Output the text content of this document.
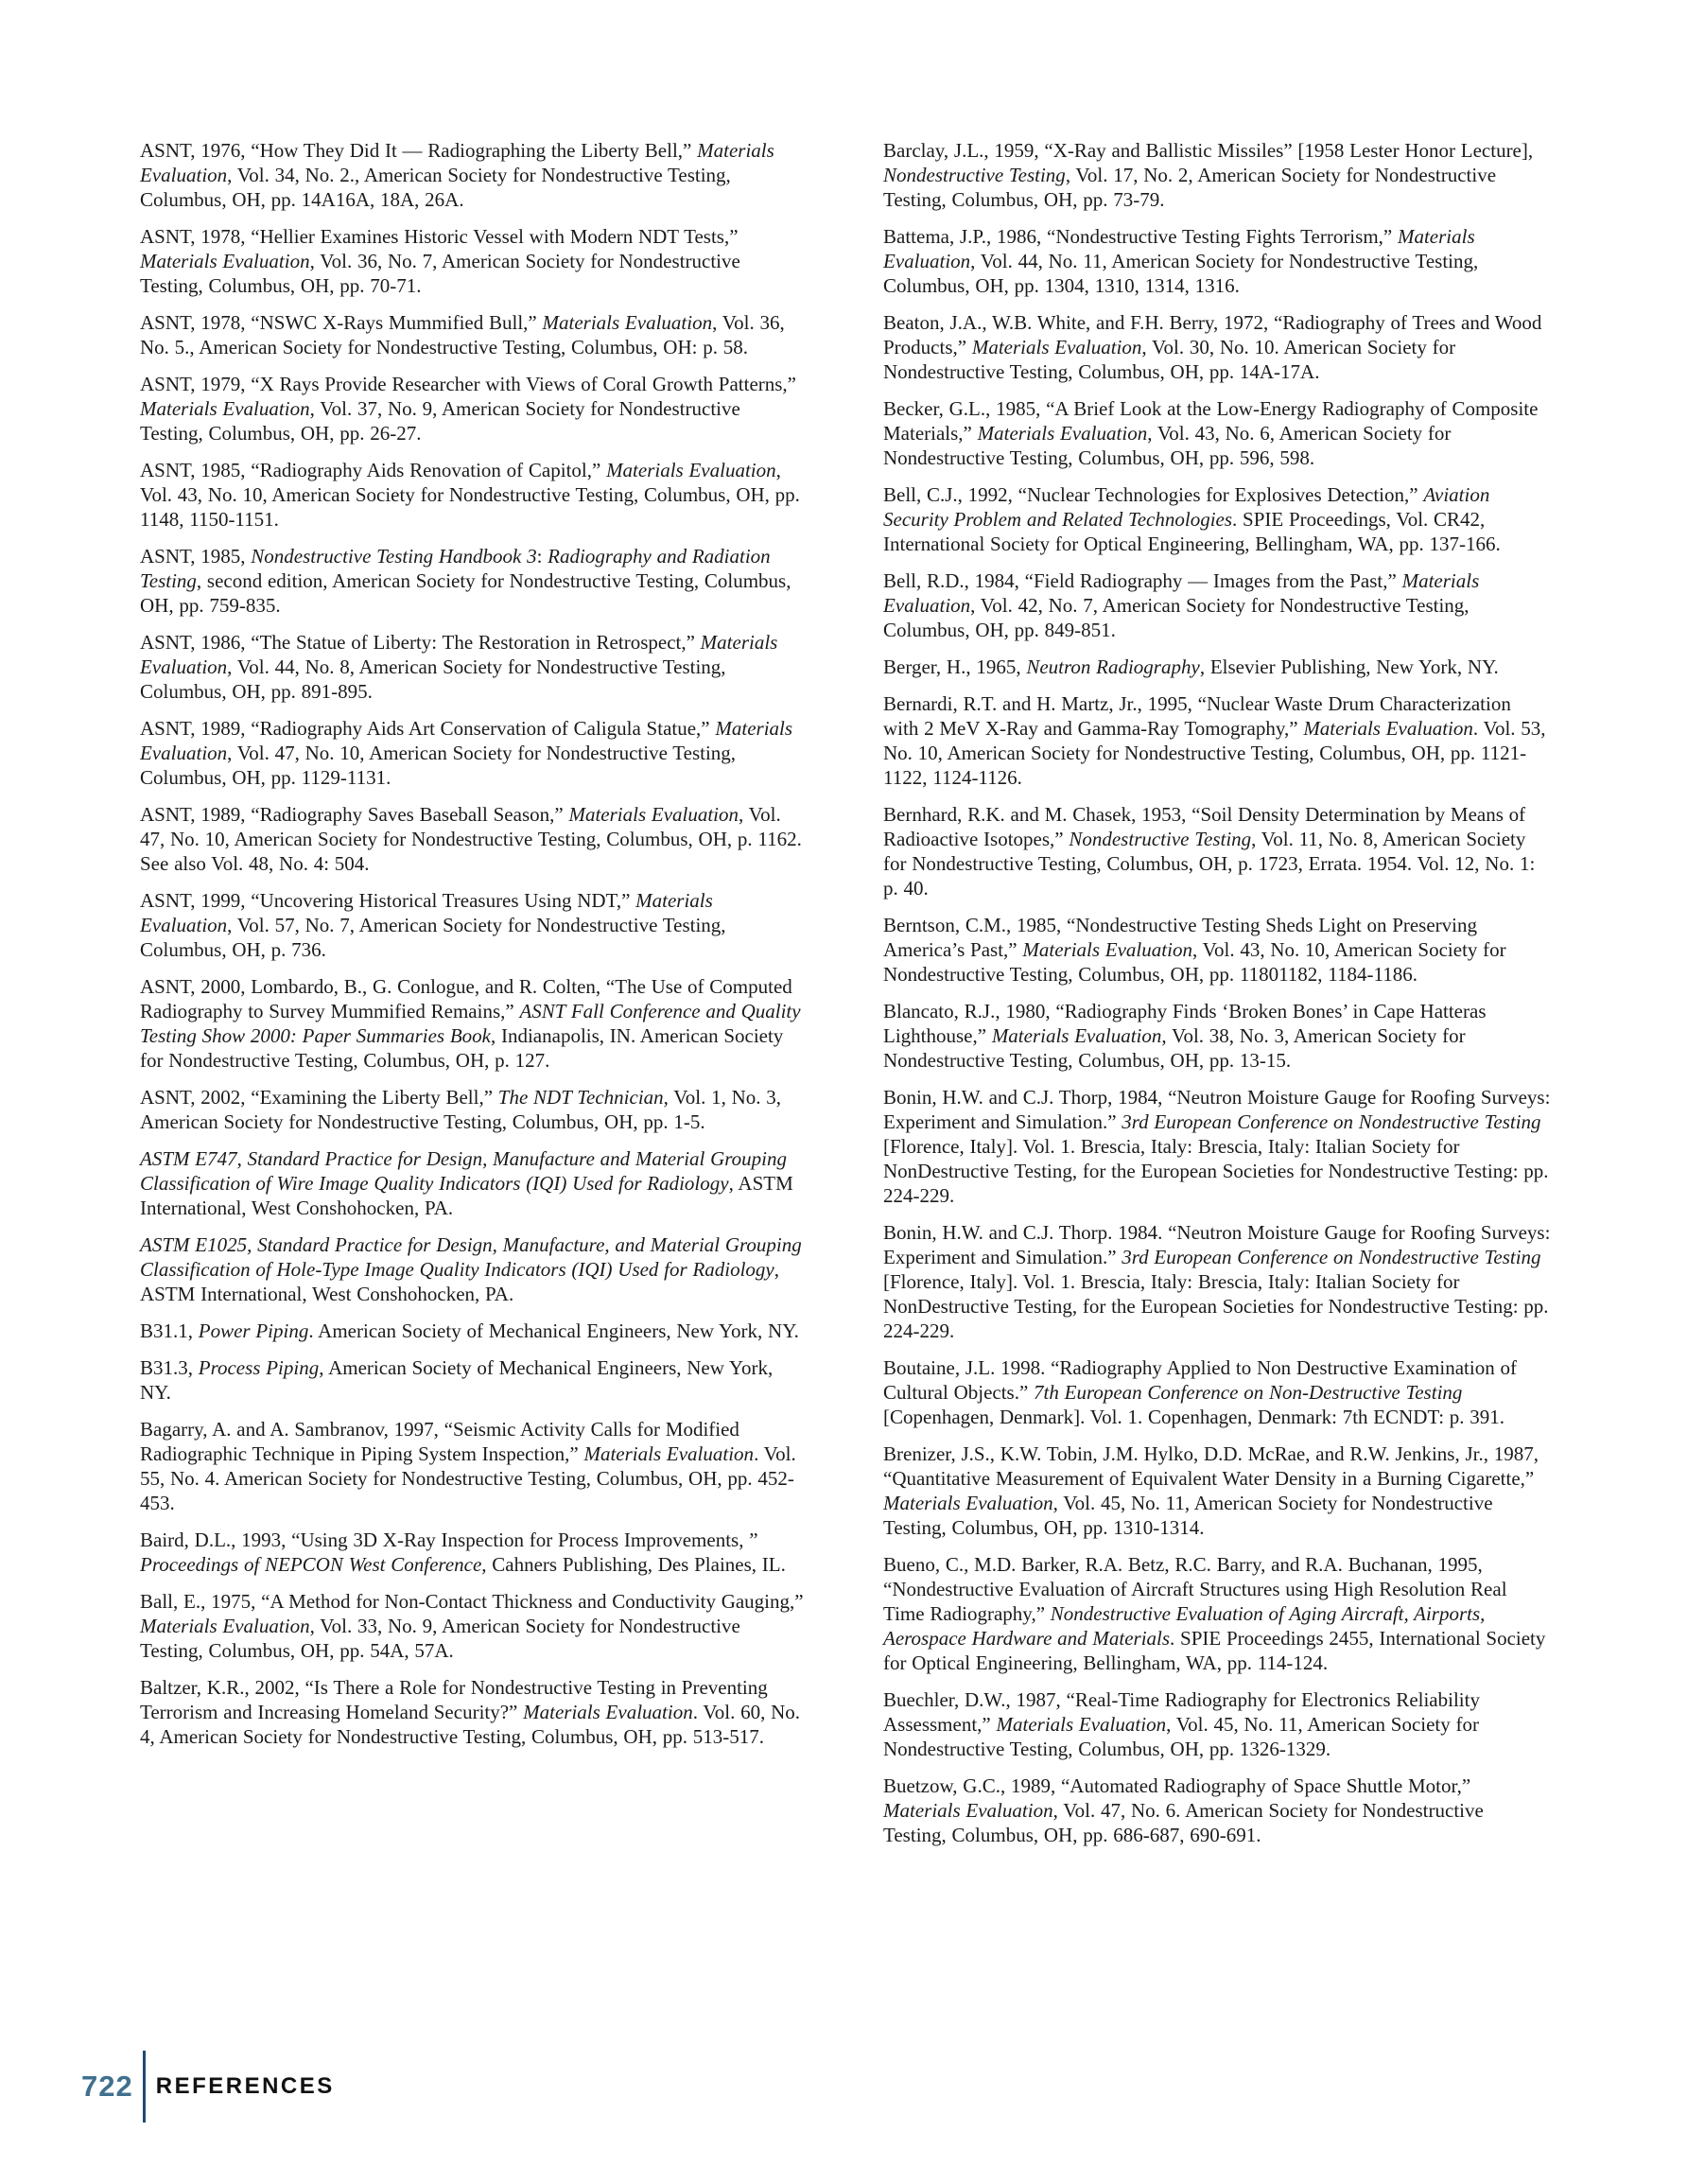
ASNT, 1976, “How They Did It — Radiographing the Liberty Bell,” Materials Evaluation, Vol. 34, No. 2., American Society for Nondestructive Testing, Columbus, OH, pp. 14A16A, 18A, 26A.

ASNT, 1978, “Hellier Examines Historic Vessel with Modern NDT Tests,” Materials Evaluation, Vol. 36, No. 7, American Society for Nondestructive Testing, Columbus, OH, pp. 70-71.

ASNT, 1978, “NSWC X-Rays Mummified Bull,” Materials Evaluation, Vol. 36, No. 5., American Society for Nondestructive Testing, Columbus, OH: p. 58.

ASNT, 1979, “X Rays Provide Researcher with Views of Coral Growth Patterns,” Materials Evaluation, Vol. 37, No. 9, American Society for Nondestructive Testing, Columbus, OH, pp. 26-27.

ASNT, 1985, “Radiography Aids Renovation of Capitol,” Materials Evaluation, Vol. 43, No. 10, American Society for Nondestructive Testing, Columbus, OH, pp. 1148, 1150-1151.

ASNT, 1985, Nondestructive Testing Handbook 3: Radiography and Radiation Testing, second edition, American Society for Nondestructive Testing, Columbus, OH, pp. 759-835.

ASNT, 1986, “The Statue of Liberty: The Restoration in Retrospect,” Materials Evaluation, Vol. 44, No. 8, American Society for Nondestructive Testing, Columbus, OH, pp. 891-895.

ASNT, 1989, “Radiography Aids Art Conservation of Caligula Statue,” Materials Evaluation, Vol. 47, No. 10, American Society for Nondestructive Testing, Columbus, OH, pp. 1129-1131.

ASNT, 1989, “Radiography Saves Baseball Season,” Materials Evaluation, Vol. 47, No. 10, American Society for Nondestructive Testing, Columbus, OH, p. 1162. See also Vol. 48, No. 4: 504.

ASNT, 1999, “Uncovering Historical Treasures Using NDT,” Materials Evaluation, Vol. 57, No. 7, American Society for Nondestructive Testing, Columbus, OH, p. 736.

ASNT, 2000, Lombardo, B., G. Conlogue, and R. Colten, “The Use of Computed Radiography to Survey Mummified Remains,” ASNT Fall Conference and Quality Testing Show 2000: Paper Summaries Book, Indianapolis, IN. American Society for Nondestructive Testing, Columbus, OH, p. 127.

ASNT, 2002, “Examining the Liberty Bell,” The NDT Technician, Vol. 1, No. 3, American Society for Nondestructive Testing, Columbus, OH, pp. 1-5.

ASTM E747, Standard Practice for Design, Manufacture and Material Grouping Classification of Wire Image Quality Indicators (IQI) Used for Radiology, ASTM International, West Conshohocken, PA.

ASTM E1025, Standard Practice for Design, Manufacture, and Material Grouping Classification of Hole-Type Image Quality Indicators (IQI) Used for Radiology, ASTM International, West Conshohocken, PA.

B31.1, Power Piping. American Society of Mechanical Engineers, New York, NY.

B31.3, Process Piping, American Society of Mechanical Engineers, New York, NY.

Bagarry, A. and A. Sambranov, 1997, “Seismic Activity Calls for Modified Radiographic Technique in Piping System Inspection,” Materials Evaluation. Vol. 55, No. 4. American Society for Nondestructive Testing, Columbus, OH, pp. 452-453.

Baird, D.L., 1993, “Using 3D X-Ray Inspection for Process Improvements, ” Proceedings of NEPCON West Conference, Cahners Publishing, Des Plaines, IL.

Ball, E., 1975, “A Method for Non-Contact Thickness and Conductivity Gauging,” Materials Evaluation, Vol. 33, No. 9, American Society for Nondestructive Testing, Columbus, OH, pp. 54A, 57A.

Baltzer, K.R., 2002, “Is There a Role for Nondestructive Testing in Preventing Terrorism and Increasing Homeland Security?” Materials Evaluation. Vol. 60, No. 4, American Society for Nondestructive Testing, Columbus, OH, pp. 513-517.

Barclay, J.L., 1959, “X-Ray and Ballistic Missiles” [1958 Lester Honor Lecture], Nondestructive Testing, Vol. 17, No. 2, American Society for Nondestructive Testing, Columbus, OH, pp. 73-79.

Battema, J.P., 1986, “Nondestructive Testing Fights Terrorism,” Materials Evaluation, Vol. 44, No. 11, American Society for Nondestructive Testing, Columbus, OH, pp. 1304, 1310, 1314, 1316.

Beaton, J.A., W.B. White, and F.H. Berry, 1972, “Radiography of Trees and Wood Products,” Materials Evaluation, Vol. 30, No. 10. American Society for Nondestructive Testing, Columbus, OH, pp. 14A-17A.

Becker, G.L., 1985, “A Brief Look at the Low-Energy Radiography of Composite Materials,” Materials Evaluation, Vol. 43, No. 6, American Society for Nondestructive Testing, Columbus, OH, pp. 596, 598.

Bell, C.J., 1992, “Nuclear Technologies for Explosives Detection,” Aviation Security Problem and Related Technologies. SPIE Proceedings, Vol. CR42, International Society for Optical Engineering, Bellingham, WA, pp. 137-166.

Bell, R.D., 1984, “Field Radiography — Images from the Past,” Materials Evaluation, Vol. 42, No. 7, American Society for Nondestructive Testing, Columbus, OH, pp. 849-851.

Berger, H., 1965, Neutron Radiography, Elsevier Publishing, New York, NY.

Bernardi, R.T. and H. Martz, Jr., 1995, “Nuclear Waste Drum Characterization with 2 MeV X-Ray and Gamma-Ray Tomography,” Materials Evaluation. Vol. 53, No. 10, American Society for Nondestructive Testing, Columbus, OH, pp. 1121-1122, 1124-1126.

Bernhard, R.K. and M. Chasek, 1953, “Soil Density Determination by Means of Radioactive Isotopes,” Nondestructive Testing, Vol. 11, No. 8, American Society for Nondestructive Testing, Columbus, OH, p. 1723, Errata. 1954. Vol. 12, No. 1: p. 40.

Berntson, C.M., 1985, “Nondestructive Testing Sheds Light on Preserving America’s Past,” Materials Evaluation, Vol. 43, No. 10, American Society for Nondestructive Testing, Columbus, OH, pp. 11801182, 1184-1186.

Blancato, R.J., 1980, “Radiography Finds ‘Broken Bones’ in Cape Hatteras Lighthouse,” Materials Evaluation, Vol. 38, No. 3, American Society for Nondestructive Testing, Columbus, OH, pp. 13-15.

Bonin, H.W. and C.J. Thorp, 1984, “Neutron Moisture Gauge for Roofing Surveys: Experiment and Simulation.” 3rd European Conference on Nondestructive Testing [Florence, Italy]. Vol. 1. Brescia, Italy: Brescia, Italy: Italian Society for NonDestructive Testing, for the European Societies for Nondestructive Testing: pp. 224-229.

Bonin, H.W. and C.J. Thorp. 1984. “Neutron Moisture Gauge for Roofing Surveys: Experiment and Simulation.” 3rd European Conference on Nondestructive Testing [Florence, Italy]. Vol. 1. Brescia, Italy: Brescia, Italy: Italian Society for NonDestructive Testing, for the European Societies for Nondestructive Testing: pp. 224-229.

Boutaine, J.L. 1998. “Radiography Applied to Non Destructive Examination of Cultural Objects.” 7th European Conference on Non-Destructive Testing [Copenhagen, Denmark]. Vol. 1. Copenhagen, Denmark: 7th ECNDT: p. 391.

Brenizer, J.S., K.W. Tobin, J.M. Hylko, D.D. McRae, and R.W. Jenkins, Jr., 1987, “Quantitative Measurement of Equivalent Water Density in a Burning Cigarette,” Materials Evaluation, Vol. 45, No. 11, American Society for Nondestructive Testing, Columbus, OH, pp. 1310-1314.

Bueno, C., M.D. Barker, R.A. Betz, R.C. Barry, and R.A. Buchanan, 1995, “Nondestructive Evaluation of Aircraft Structures using High Resolution Real Time Radiography,” Nondestructive Evaluation of Aging Aircraft, Airports, Aerospace Hardware and Materials. SPIE Proceedings 2455, International Society for Optical Engineering, Bellingham, WA, pp. 114-124.

Buechler, D.W., 1987, “Real-Time Radiography for Electronics Reliability Assessment,” Materials Evaluation, Vol. 45, No. 11, American Society for Nondestructive Testing, Columbus, OH, pp. 1326-1329.

Buetzow, G.C., 1989, “Automated Radiography of Space Shuttle Motor,” Materials Evaluation, Vol. 47, No. 6. American Society for Nondestructive Testing, Columbus, OH, pp. 686-687, 690-691.

722 REFERENCES
